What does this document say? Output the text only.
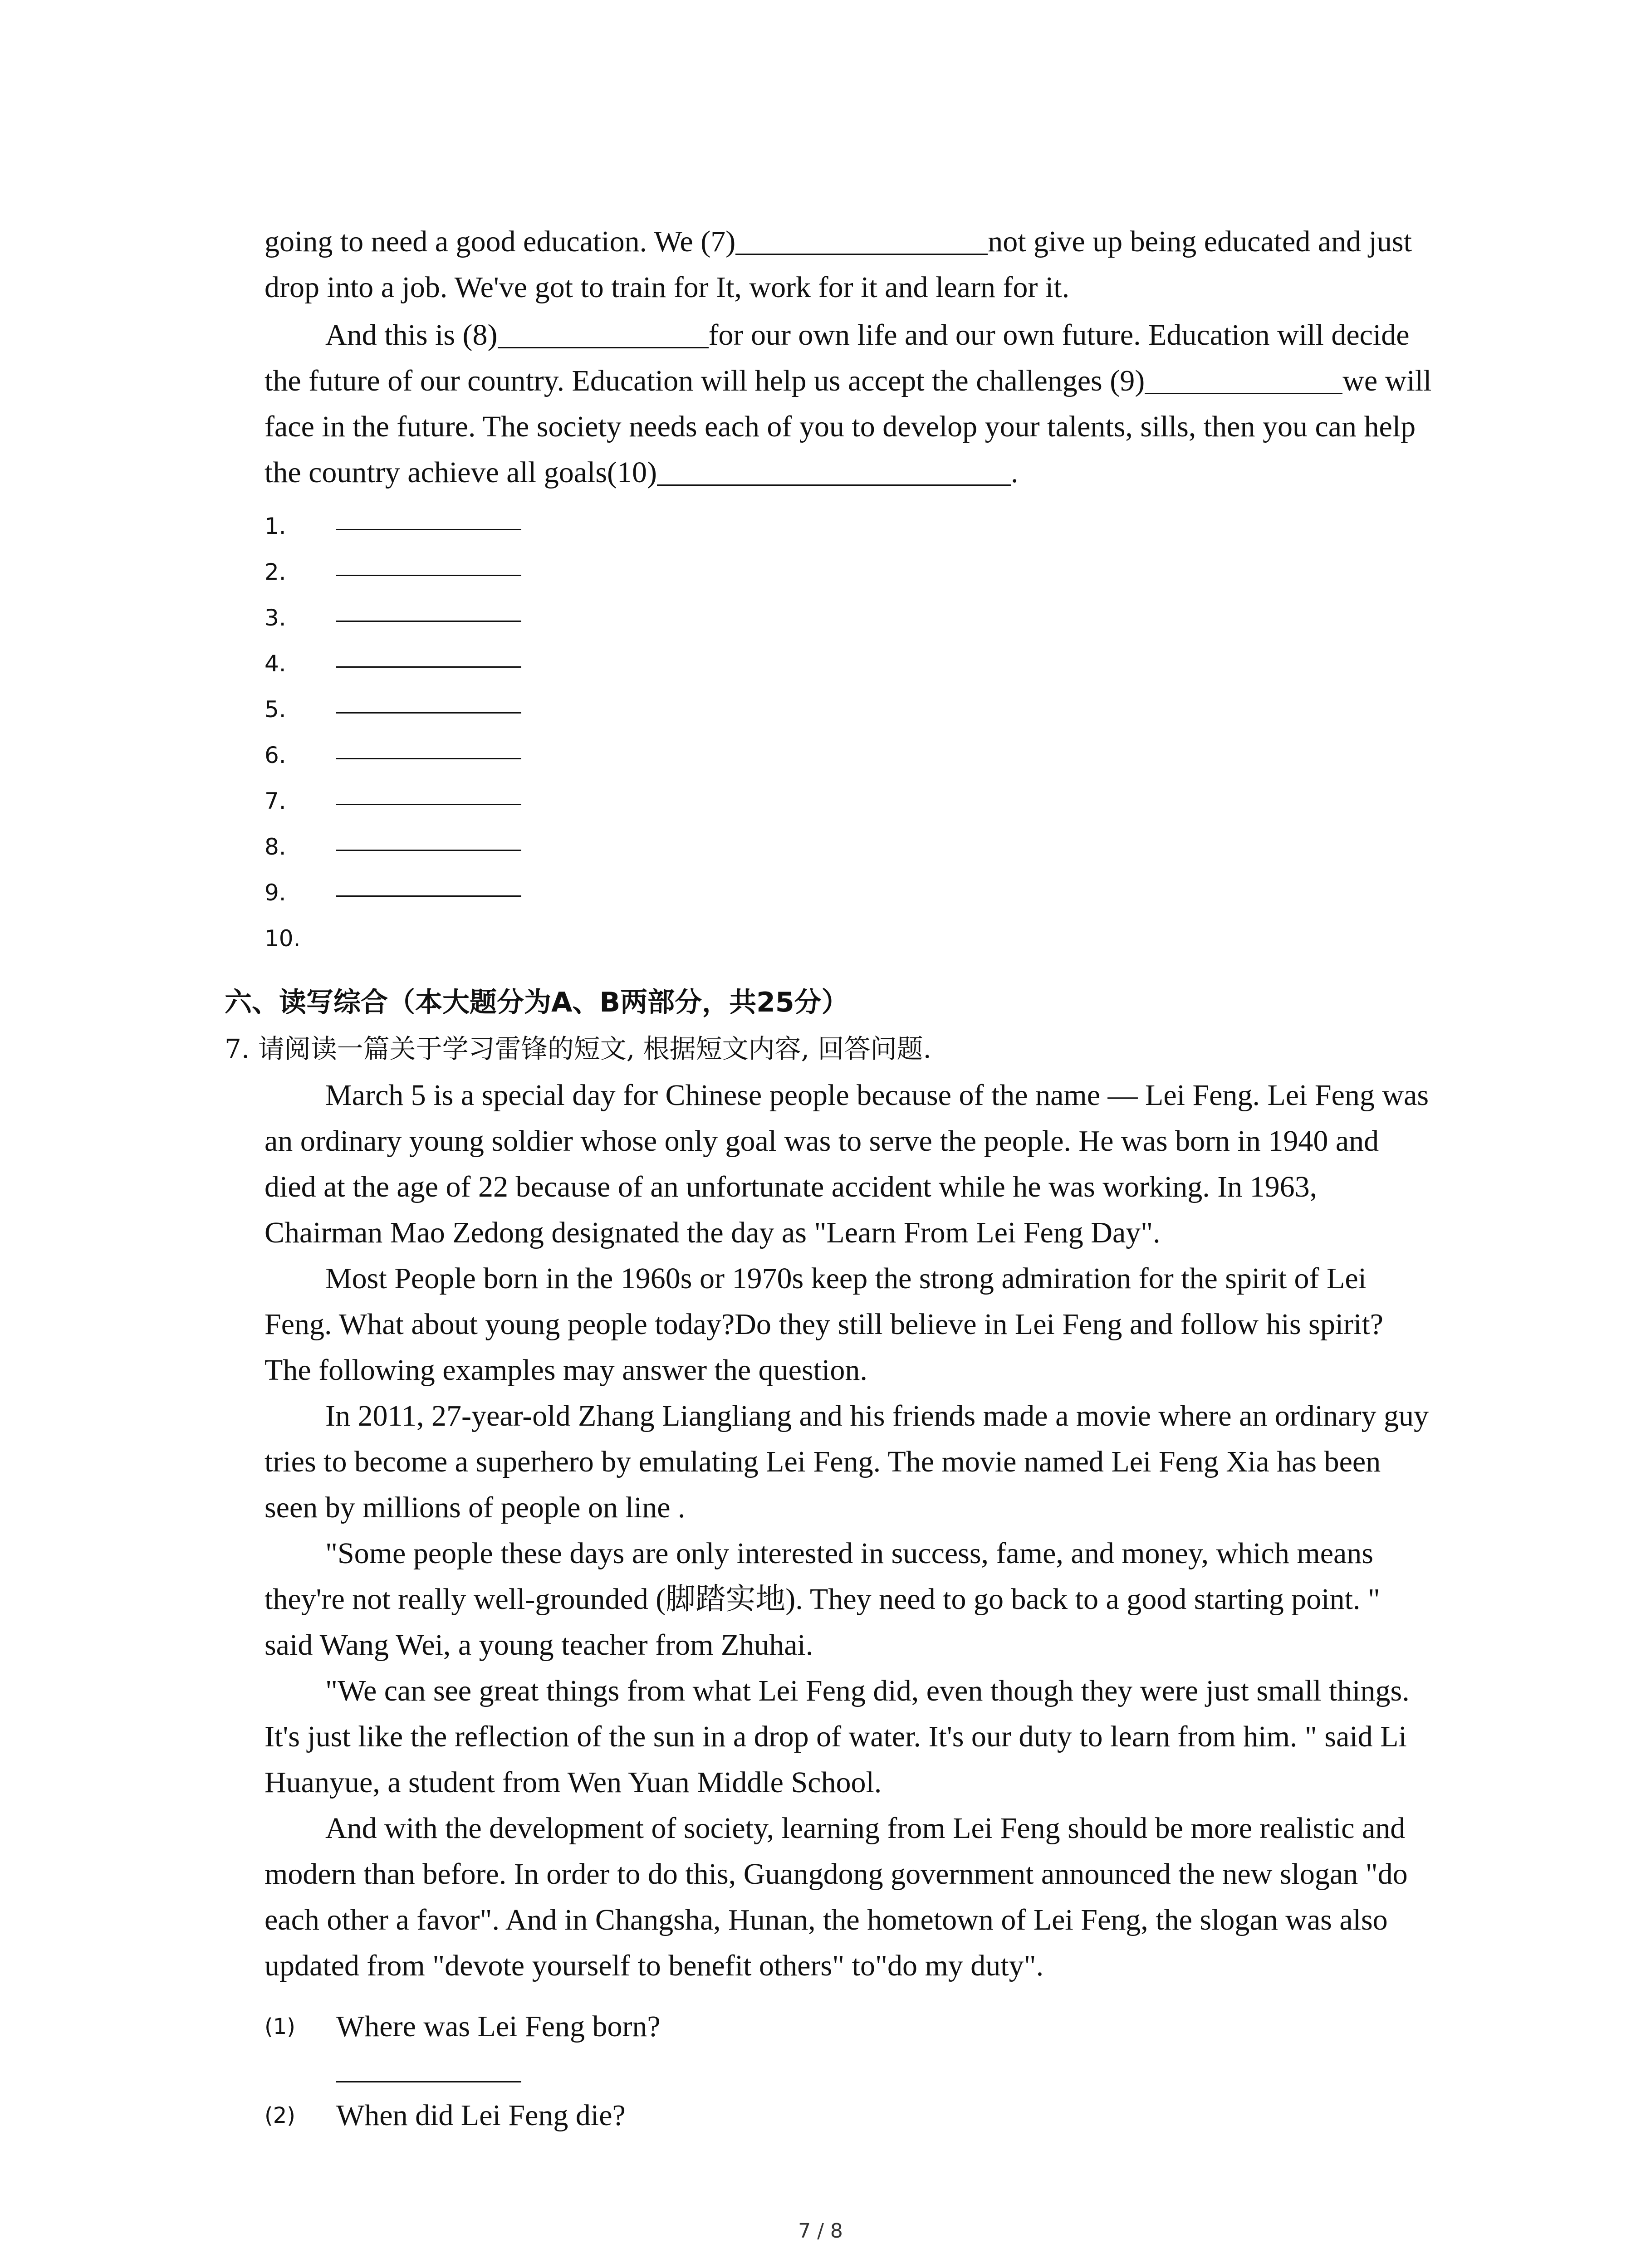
going to need a good education. We (7)	not give up being educated and just drop into a job. We've got to train for It, work for it and learn for it.

And this is (8)	for our own life and our own future. Education will decide the future of our country. Education will help us accept the challenges (9)	we will face in the future. The society needs each of you to develop your talents, sills, then you can help the country achieve all goals(10)	.

1.
2.
3.
4.
5.
6.
7.
8.
9.
10.
六、读写综合（本大题分为A、B两部分，共25分）
7. 请阅读一篇关于学习雷锋的短文, 根据短文内容, 回答问题.

March 5 is a special day for Chinese people because of the name — Lei Feng. Lei Feng was an ordinary young soldier whose only goal was to serve the people. He was born in 1940 and died at the age of 22 because of an unfortunate accident while he was working. In 1963, Chairman Mao Zedong designated the day as "Learn From Lei Feng Day".

Most People born in the 1960s or 1970s keep the strong admiration for the spirit of Lei Feng. What about young people today?Do they still believe in Lei Feng and follow his spirit? The following examples may answer the question.

In 2011, 27-year-old Zhang Liangliang and his friends made a movie where an ordinary guy tries to become a superhero by emulating Lei Feng. The movie named Lei Feng Xia has been seen by millions of people on line .

"Some people these days are only interested in success, fame, and money, which means they're not really well-grounded (脚踏实地). They need to go back to a good starting point. " said Wang Wei, a young teacher from Zhuhai.

"We can see great things from what Lei Feng did, even though they were just small things. It's just like the reflection of the sun in a drop of water. It's our duty to learn from him. " said Li Huanyue, a student from Wen Yuan Middle School.

And with the development of society, learning from Lei Feng should be more realistic and modern than before. In order to do this, Guangdong government announced the new slogan "do each other a favor". And in Changsha, Hunan, the hometown of Lei Feng, the slogan was also updated from "devote yourself to benefit others" to"do my duty".

(1) Where was Lei Feng born?
(2) When did Lei Feng die?
7 / 8
